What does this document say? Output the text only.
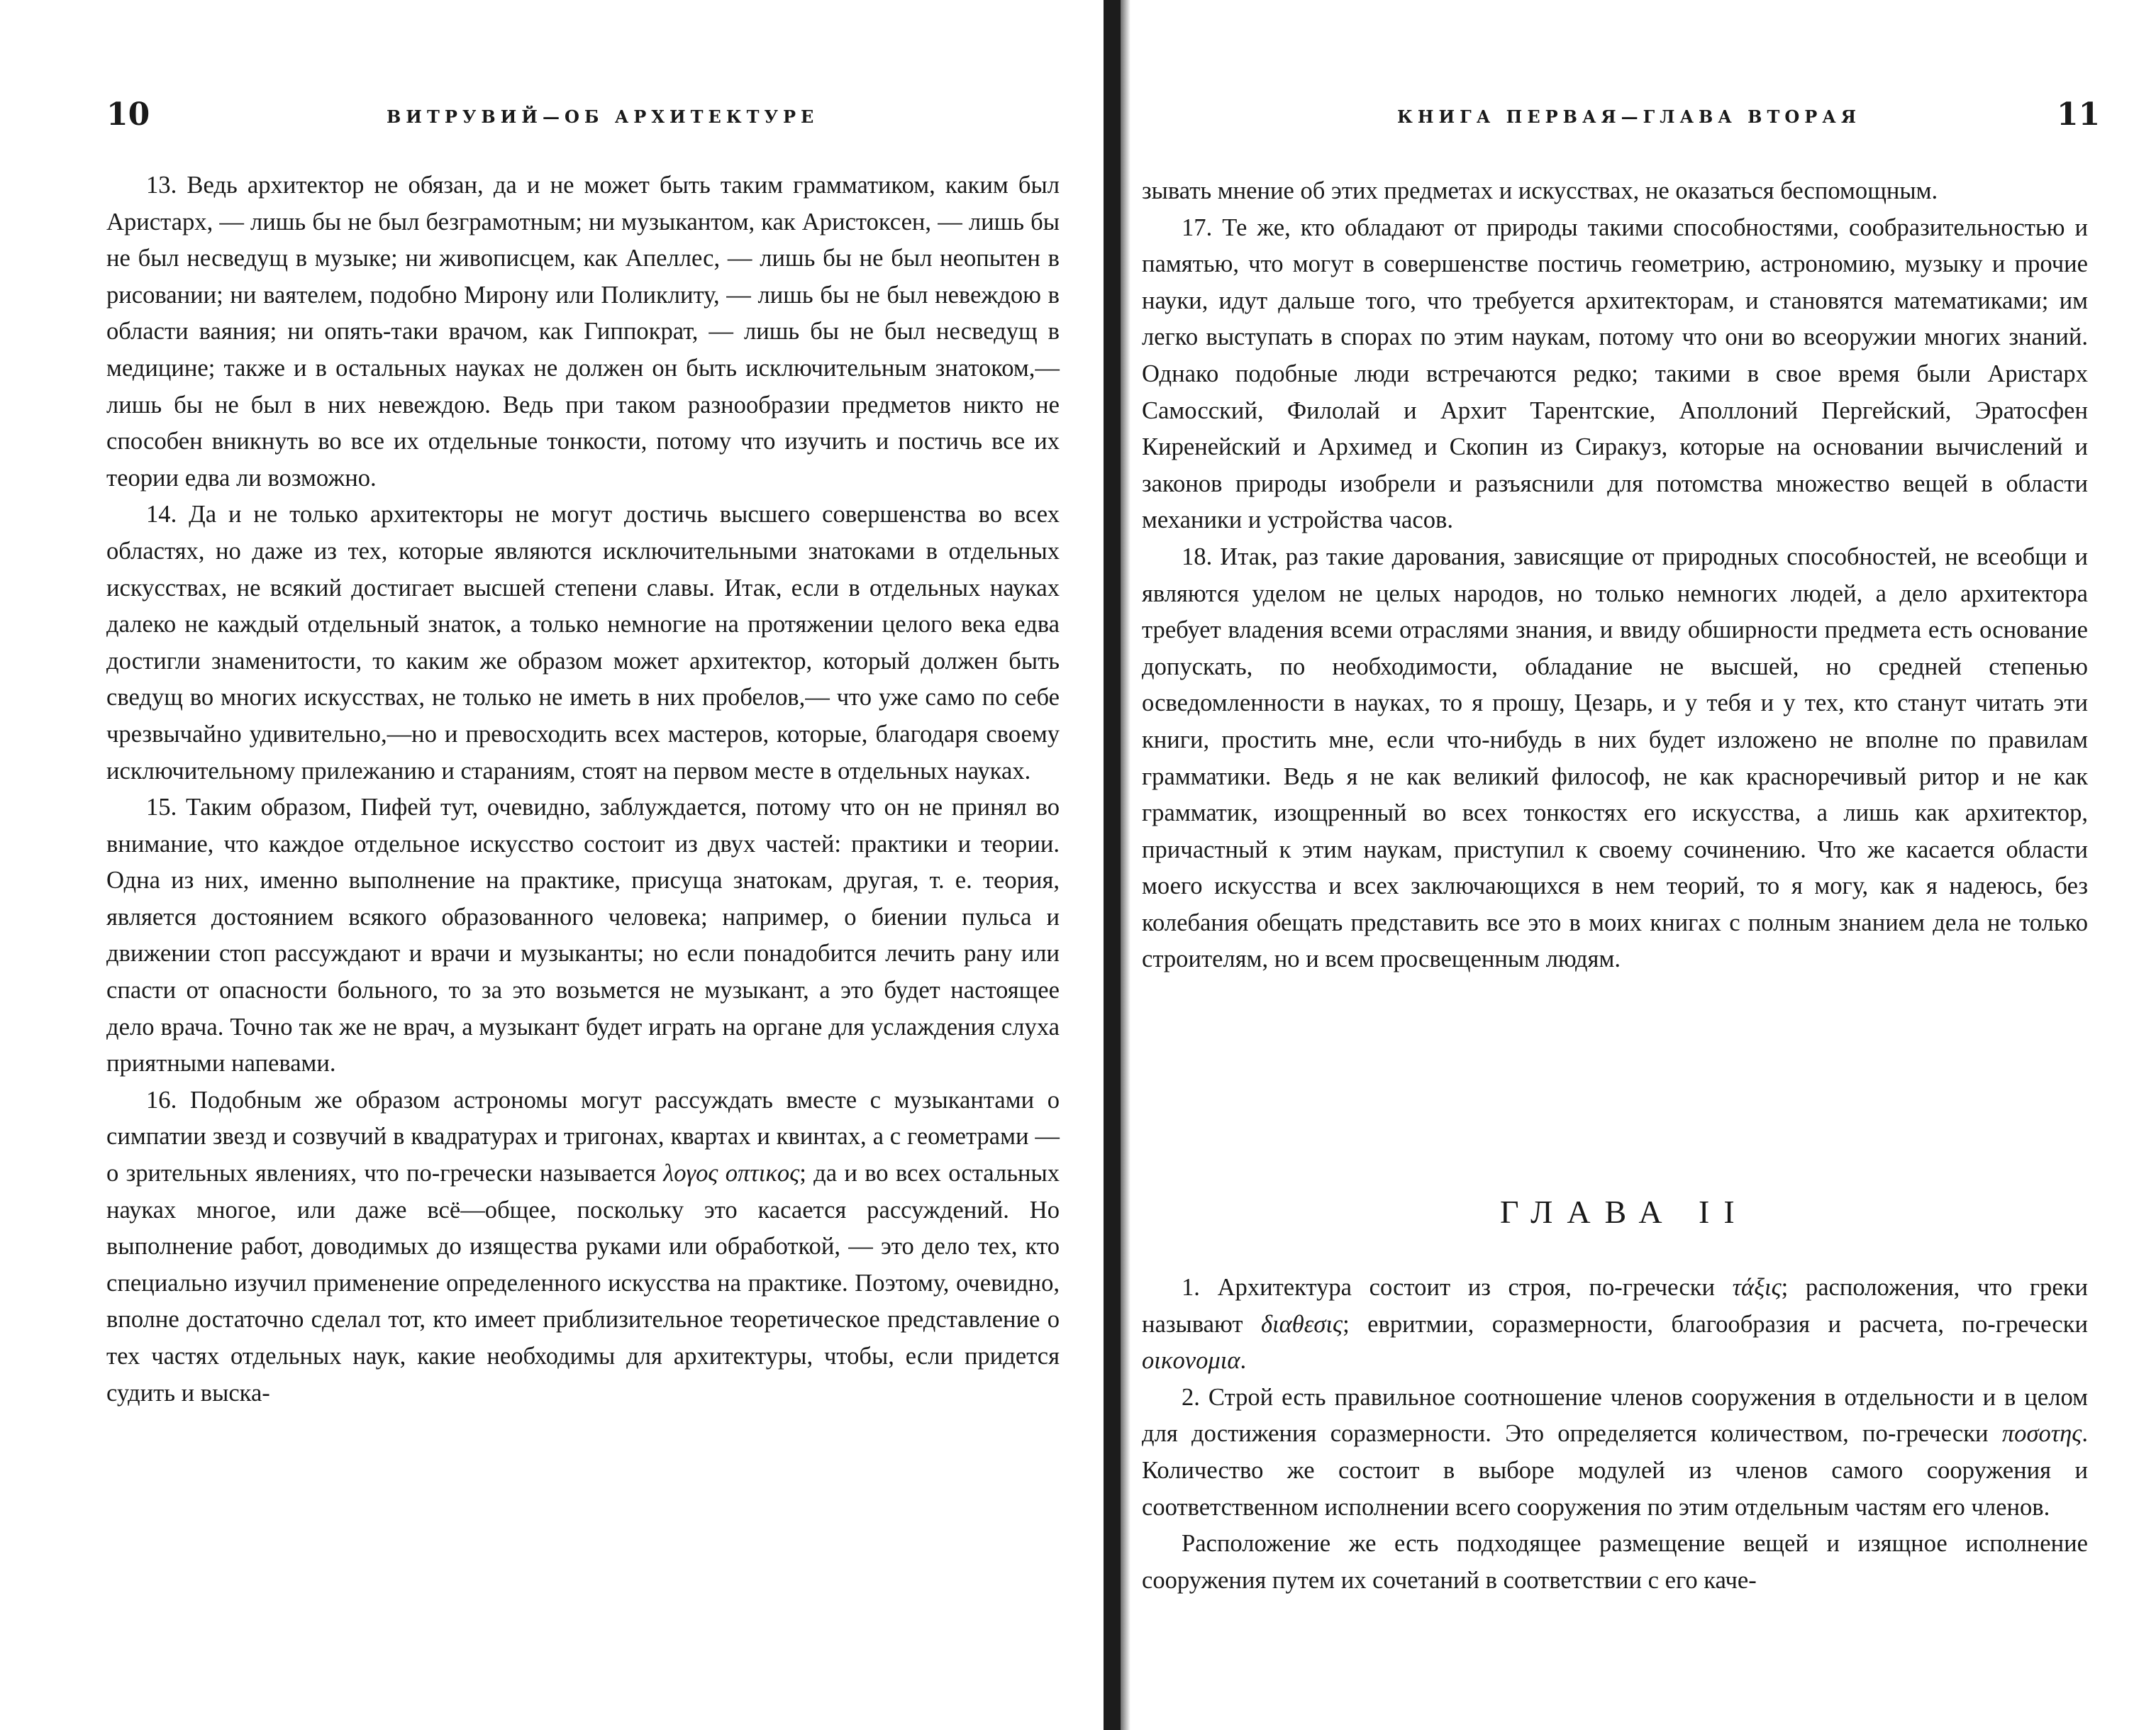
10	ВИТРУВИЙ—ОБ АРХИТЕКТУРЕ

13. Ведь архитектор не обязан, да и не может быть таким грамматиком, каким был Аристарх, — лишь бы не был безграмотным; ни музыкантом, как Аристоксен, — лишь бы не был несведущ в музыке; ни живописцем, как Апеллес, — лишь бы не был неопытен в рисовании; ни ваятелем, подобно Мирону или Поликлиту, — лишь бы не был невеждою в области ваяния; ни опять-таки врачом, как Гиппократ, — лишь бы не был несведущ в медицине; также и в остальных науках не должен он быть исключительным знатоком,— лишь бы не был в них невеждою. Ведь при таком разнообразии предметов никто не способен вникнуть во все их отдельные тонкости, потому что изучить и постичь все их теории едва ли возможно.

14. Да и не только архитекторы не могут достичь высшего совершенства во всех областях, но даже из тех, которые являются исключительными знатоками в отдельных искусствах, не всякий достигает высшей степени славы. Итак, если в отдельных науках далеко не каждый отдельный знаток, а только немногие на протяжении целого века едва достигли знаменитости, то каким же образом может архитектор, который должен быть сведущ во многих искусствах, не только не иметь в них пробелов,— что уже само по себе чрезвычайно удивительно,—но и превосходить всех мастеров, которые, благодаря своему исключительному прилежанию и стараниям, стоят на первом месте в отдельных науках.

15. Таким образом, Пифей тут, очевидно, заблуждается, потому что он не принял во внимание, что каждое отдельное искусство состоит из двух частей: практики и теории. Одна из них, именно выполнение на практике, присуща знатокам, другая, т. е. теория, является достоянием всякого образованного человека; например, о биении пульса и движении стоп рассуждают и врачи и музыканты; но если понадобится лечить рану или спасти от опасности больного, то за это возьмется не музыкант, а это будет настоящее дело врача. Точно так же не врач, а музыкант будет играть на органе для услаждения слуха приятными напевами.

16. Подобным же образом астрономы могут рассуждать вместе с музыкантами о симпатии звезд и созвучий в квадратурах и тригонах, квартах и квинтах, а с геометрами — о зрительных явлениях, что по-гречески называется λογος οπτικος; да и во всех остальных науках многое, или даже всё—общее, поскольку это касается рассуждений. Но выполнение работ, доводимых до изящества руками или обработкой, — это дело тех, кто специально изучил применение определенного искусства на практике. Поэтому, очевидно, вполне достаточно сделал тот, кто имеет приблизительное теоретическое представление о тех частях отдельных наук, какие необходимы для архитектуры, чтобы, если придется судить и выска-

КНИГА ПЕРВАЯ—ГЛАВА ВТОРАЯ	11

зывать мнение об этих предметах и искусствах, не оказаться беспомощным.

17. Те же, кто обладают от природы такими способностями, сообразительностью и памятью, что могут в совершенстве постичь геометрию, астрономию, музыку и прочие науки, идут дальше того, что требуется архитекторам, и становятся математиками; им легко выступать в спорах по этим наукам, потому что они во всеоружии многих знаний. Однако подобные люди встречаются редко; такими в свое время были Аристарх Самосский, Филолай и Архит Тарентские, Аполлоний Пергейский, Эратосфен Киренейский и Архимед и Скопин из Сиракуз, которые на основании вычислений и законов природы изобрели и разъяснили для потомства множество вещей в области механики и устройства часов.

18. Итак, раз такие дарования, зависящие от природных способностей, не всеобщи и являются уделом не целых народов, но только немногих людей, а дело архитектора требует владения всеми отраслями знания, и ввиду обширности предмета есть основание допускать, по необходимости, обладание не высшей, но средней степенью осведомленности в науках, то я прошу, Цезарь, и у тебя и у тех, кто станут читать эти книги, простить мне, если что-нибудь в них будет изложено не вполне по правилам грамматики. Ведь я не как великий философ, не как красноречивый ритор и не как грамматик, изощренный во всех тонкостях его искусства, а лишь как архитектор, причастный к этим наукам, приступил к своему сочинению. Что же касается области моего искусства и всех заключающихся в нем теорий, то я могу, как я надеюсь, без колебания обещать представить все это в моих книгах с полным знанием дела не только строителям, но и всем просвещенным людям.

ГЛАВА II

1. Архитектура состоит из строя, по-гречески τάξις; расположения, что греки называют διαθεσις; евритмии, соразмерности, благообразия и расчета, по-гречески οικονομια.

2. Строй есть правильное соотношение членов сооружения в отдельности и в целом для достижения соразмерности. Это определяется количеством, по-гречески ποσοτης. Количество же состоит в выборе модулей из членов самого сооружения и соответственном исполнении всего сооружения по этим отдельным частям его членов.

Расположение же есть подходящее размещение вещей и изящное исполнение сооружения путем их сочетаний в соответствии с его каче-
